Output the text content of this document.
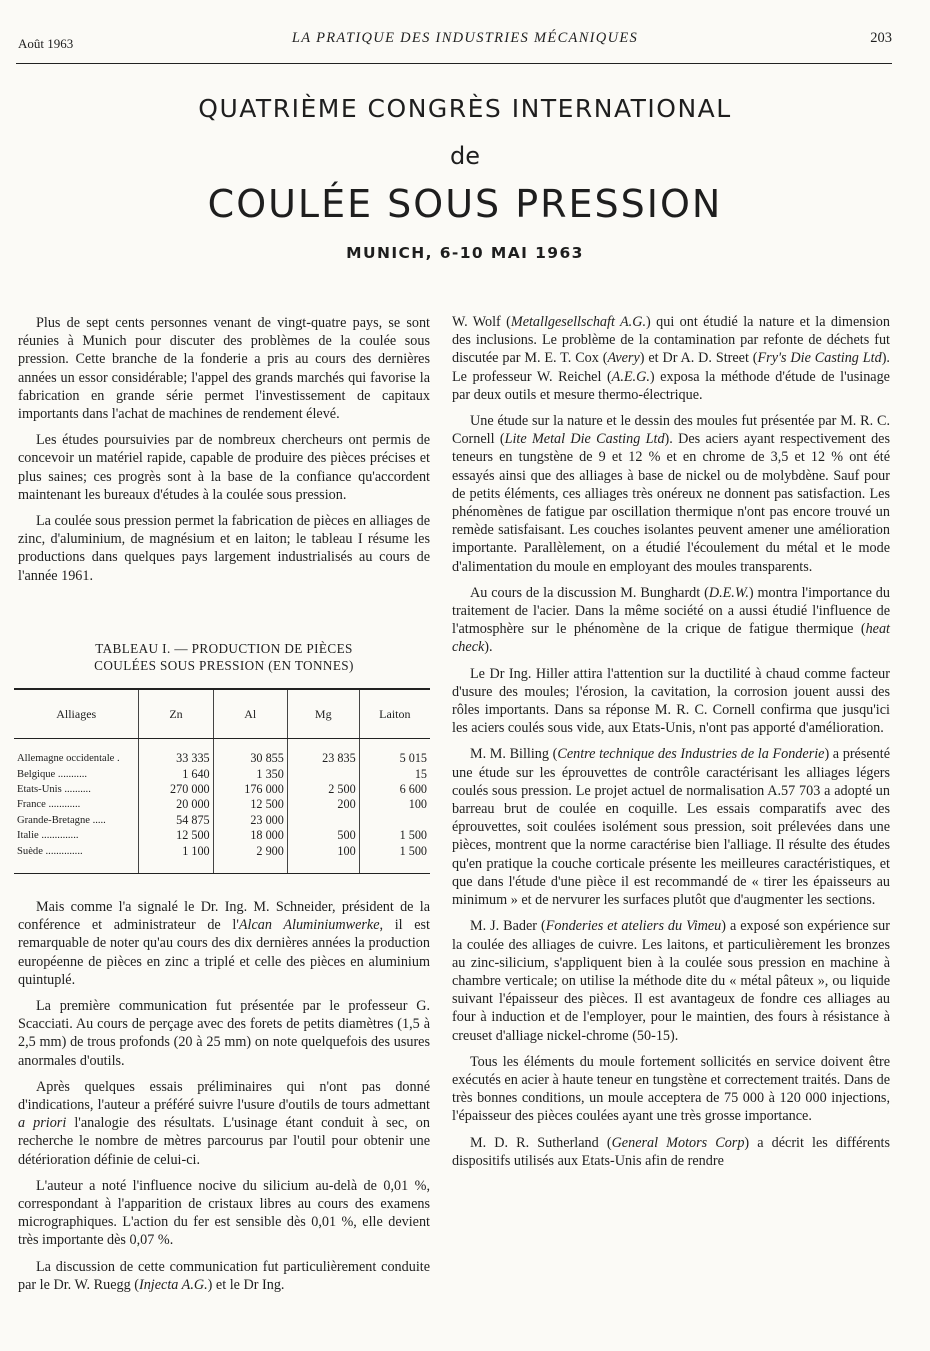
Août 1963	LA PRATIQUE DES INDUSTRIES MÉCANIQUES	203
QUATRIÈME CONGRÈS INTERNATIONAL
de
COULÉE SOUS PRESSION
MUNICH, 6-10 MAI 1963

Plus de sept cents personnes venant de vingt-quatre pays, se sont réunies à Munich pour discuter des problèmes de la coulée sous pression. Cette branche de la fonderie a pris au cours des dernières années un essor considérable; l'appel des grands marchés qui favorise la fabrication en grande série permet l'investissement de capitaux importants dans l'achat de machines de rendement élevé.

Les études poursuivies par de nombreux chercheurs ont permis de concevoir un matériel rapide, capable de produire des pièces précises et plus saines; ces progrès sont à la base de la confiance qu'accordent maintenant les bureaux d'études à la coulée sous pression.

La coulée sous pression permet la fabrication de pièces en alliages de zinc, d'aluminium, de magnésium et en laiton; le tableau I résume les productions dans quelques pays largement industrialisés au cours de l'année 1961.

TABLEAU I. — PRODUCTION DE PIÈCES
COULÉES SOUS PRESSION (EN TONNES)
Alliages	Zn	Al	Mg	Laiton
Allemagne occidentale .	33 335	30 855	23 835	5 015
Belgique ...........	1 640	1 350		15
Etats-Unis ..........	270 000	176 000	2 500	6 600
France ............	20 000	12 500	200	100
Grande-Bretagne .....	54 875	23 000		
Italie ..............	12 500	18 000	500	1 500
Suède ..............	1 100	2 900	100	1 500

Mais comme l'a signalé le Dr. Ing. M. Schneider, président de la conférence et administrateur de l'Alcan Aluminiumwerke, il est remarquable de noter qu'au cours des dix dernières années la production européenne de pièces en zinc a triplé et celle des pièces en aluminium quintuplé.

La première communication fut présentée par le professeur G. Scacciati. Au cours de perçage avec des forets de petits diamètres (1,5 à 2,5 mm) de trous profonds (20 à 25 mm) on note quelquefois des usures anormales d'outils.

Après quelques essais préliminaires qui n'ont pas donné d'indications, l'auteur a préféré suivre l'usure d'outils de tours admettant a priori l'analogie des résultats. L'usinage étant conduit à sec, on recherche le nombre de mètres parcourus par l'outil pour obtenir une détérioration définie de celui-ci.

L'auteur a noté l'influence nocive du silicium au-delà de 0,01 %, correspondant à l'apparition de cristaux libres au cours des examens micrographiques. L'action du fer est sensible dès 0,01 %, elle devient très importante dès 0,07 %.

La discussion de cette communication fut particulièrement conduite par le Dr. W. Ruegg (Injecta A.G.) et le Dr Ing.

W. Wolf (Metallgesellschaft A.G.) qui ont étudié la nature et la dimension des inclusions. Le problème de la contamination par refonte de déchets fut discutée par M. E. T. Cox (Avery) et Dr A. D. Street (Fry's Die Casting Ltd). Le professeur W. Reichel (A.E.G.) exposa la méthode d'étude de l'usinage par deux outils et mesure thermo-électrique.

Une étude sur la nature et le dessin des moules fut présentée par M. R. C. Cornell (Lite Metal Die Casting Ltd). Des aciers ayant respectivement des teneurs en tungstène de 9 et 12 % et en chrome de 3,5 et 12 % ont été essayés ainsi que des alliages à base de nickel ou de molybdène. Sauf pour de petits éléments, ces alliages très onéreux ne donnent pas satisfaction. Les phénomènes de fatigue par oscillation thermique n'ont pas encore trouvé un remède satisfaisant. Les couches isolantes peuvent amener une amélioration importante. Parallèlement, on a étudié l'écoulement du métal et le mode d'alimentation du moule en employant des moules transparents.

Au cours de la discussion M. Bunghardt (D.E.W.) montra l'importance du traitement de l'acier. Dans la même société on a aussi étudié l'influence de l'atmosphère sur le phénomène de la crique de fatigue thermique (heat check).

Le Dr Ing. Hiller attira l'attention sur la ductilité à chaud comme facteur d'usure des moules; l'érosion, la cavitation, la corrosion jouent aussi des rôles importants. Dans sa réponse M. R. C. Cornell confirma que jusqu'ici les aciers coulés sous vide, aux Etats-Unis, n'ont pas apporté d'amélioration.

M. M. Billing (Centre technique des Industries de la Fonderie) a présenté une étude sur les éprouvettes de contrôle caractérisant les alliages légers coulés sous pression. Le projet actuel de normalisation A.57 703 a adopté un barreau brut de coulée en coquille. Les essais comparatifs avec des éprouvettes, soit coulées isolément sous pression, soit prélevées dans une pièces, montrent que la norme caractérise bien l'alliage. Il résulte des études qu'en pratique la couche corticale présente les meilleures caractéristiques, et que dans l'étude d'une pièce il est recommandé de « tirer les épaisseurs au minimum » et de nervurer les surfaces plutôt que d'augmenter les sections.

M. J. Bader (Fonderies et ateliers du Vimeu) a exposé son expérience sur la coulée des alliages de cuivre. Les laitons, et particulièrement les bronzes au zinc-silicium, s'appliquent bien à la coulée sous pression en machine à chambre verticale; on utilise la méthode dite du « métal pâteux », ou liquide suivant l'épaisseur des pièces. Il est avantageux de fondre ces alliages au four à induction et de l'employer, pour le maintien, des fours à résistance à creuset d'alliage nickel-chrome (50-15).

Tous les éléments du moule fortement sollicités en service doivent être exécutés en acier à haute teneur en tungstène et correctement traités. Dans de très bonnes conditions, un moule acceptera de 75 000 à 120 000 injections, l'épaisseur des pièces coulées ayant une très grosse importance.

M. D. R. Sutherland (General Motors Corp) a décrit les différents dispositifs utilisés aux Etats-Unis afin de rendre
